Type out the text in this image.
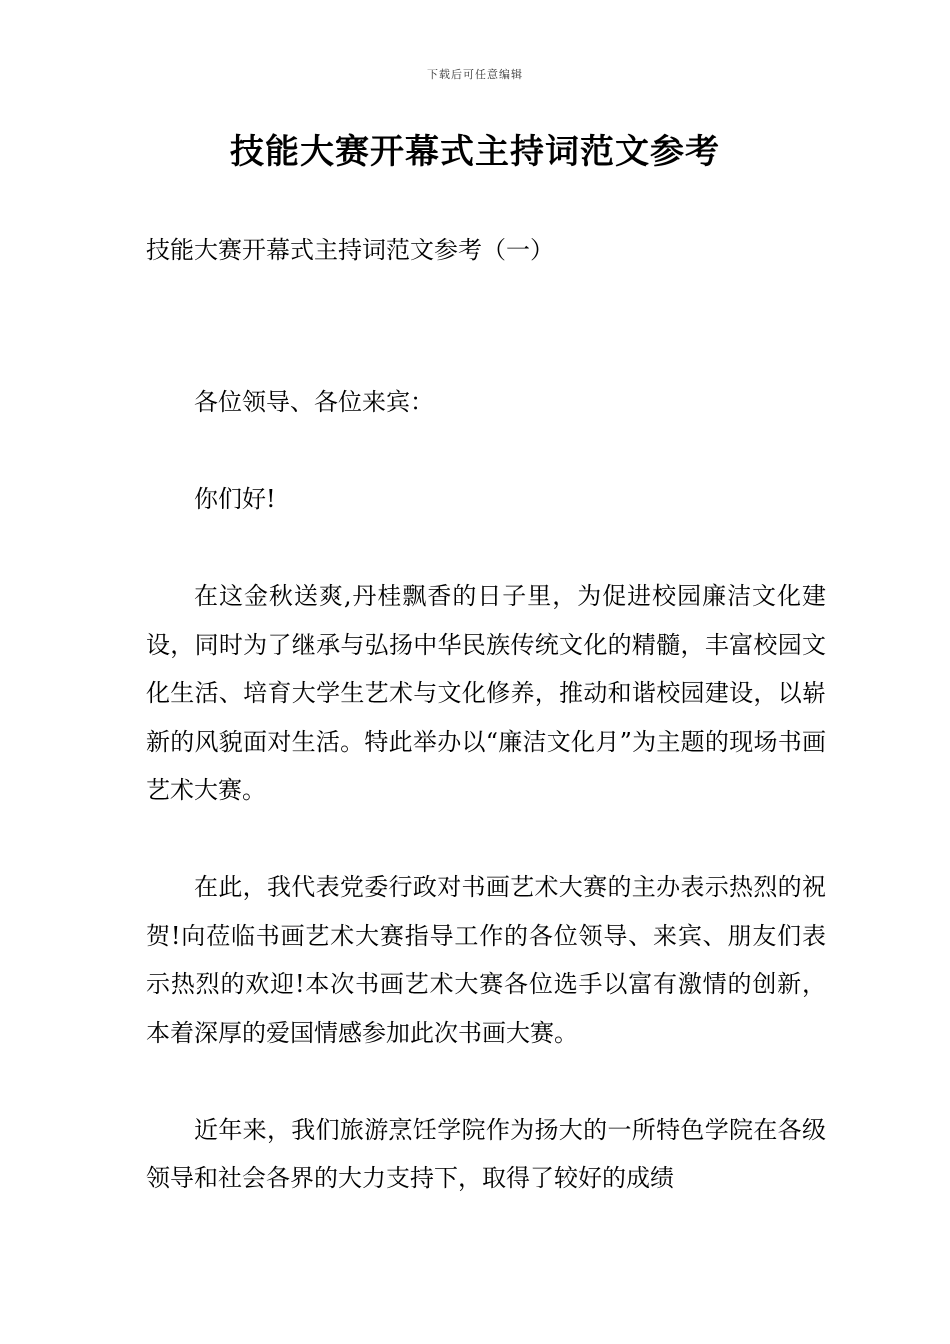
下载后可任意编辑
技能大赛开幕式主持词范文参考
技能大赛开幕式主持词范文参考（一）

各位领导、各位来宾：

你们好!

在这金秋送爽,丹桂飘香的日子里，为促进校园廉洁文化建设，同时为了继承与弘扬中华民族传统文化的精髓，丰富校园文化生活、培育大学生艺术与文化修养，推动和谐校园建设，以崭新的风貌面对生活。特此举办以“廉洁文化月”为主题的现场书画艺术大赛。

在此，我代表党委行政对书画艺术大赛的主办表示热烈的祝贺!向莅临书画艺术大赛指导工作的各位领导、来宾、朋友们表示热烈的欢迎!本次书画艺术大赛各位选手以富有激情的创新，本着深厚的爱国情感参加此次书画大赛。

近年来，我们旅游烹饪学院作为扬大的一所特色学院在各级领导和社会各界的大力支持下，取得了较好的成绩
